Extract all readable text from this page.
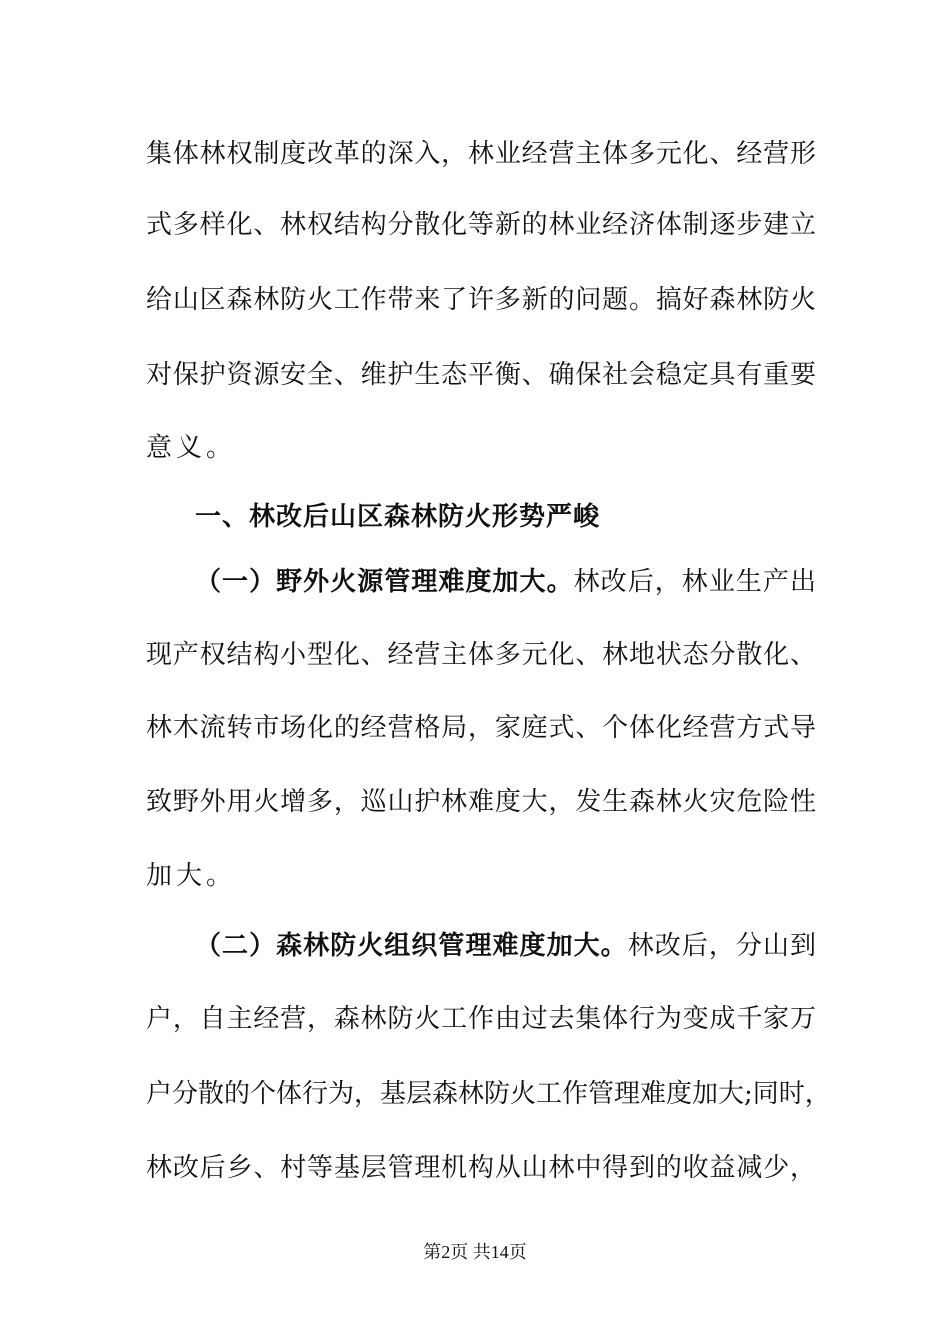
集体林权制度改革的深入，林业经营主体多元化、经营形
式多样化、林权结构分散化等新的林业经济体制逐步建立
给山区森林防火工作带来了许多新的问题。搞好森林防火
对保护资源安全、维护生态平衡、确保社会稳定具有重要
意义。
一、林改后山区森林防火形势严峻
（一）野外火源管理难度加大。林改后，林业生产出
现产权结构小型化、经营主体多元化、林地状态分散化、
林木流转市场化的经营格局，家庭式、个体化经营方式导
致野外用火增多，巡山护林难度大，发生森林火灾危险性
加大。
（二）森林防火组织管理难度加大。林改后，分山到
户，自主经营，森林防火工作由过去集体行为变成千家万
户分散的个体行为，基层森林防火工作管理难度加大;同时，
林改后乡、村等基层管理机构从山林中得到的收益减少，
第2页 共14页
